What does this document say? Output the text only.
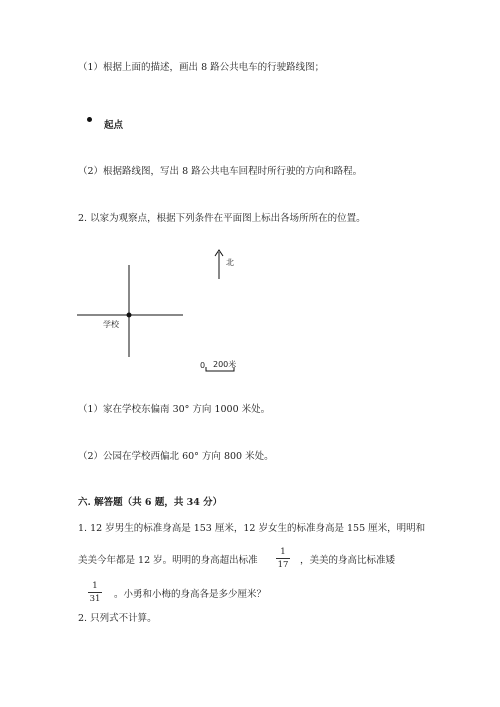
（1）根据上面的描述，画出 8 路公共电车的行驶路线图；
起点
（2）根据路线图，写出 8 路公共电车回程时所行驶的方向和路程。
2. 以家为观察点，根据下列条件在平面图上标出各场所所在的位置。
北
学校
0 200米
（1）家在学校东偏南 30° 方向 1000 米处。
（2）公园在学校西偏北 60° 方向 800 米处。
六. 解答题（共 6 题，共 34 分）
1. 12 岁男生的标准身高是 153 厘米，12 岁女生的标准身高是 155 厘米，明明和
美美今年都是 12 岁。明明的身高超出标准
1
17 ，美美的身高比标准矮
1
31 。小勇和小梅的身高各是多少厘米？
2. 只列式不计算。
